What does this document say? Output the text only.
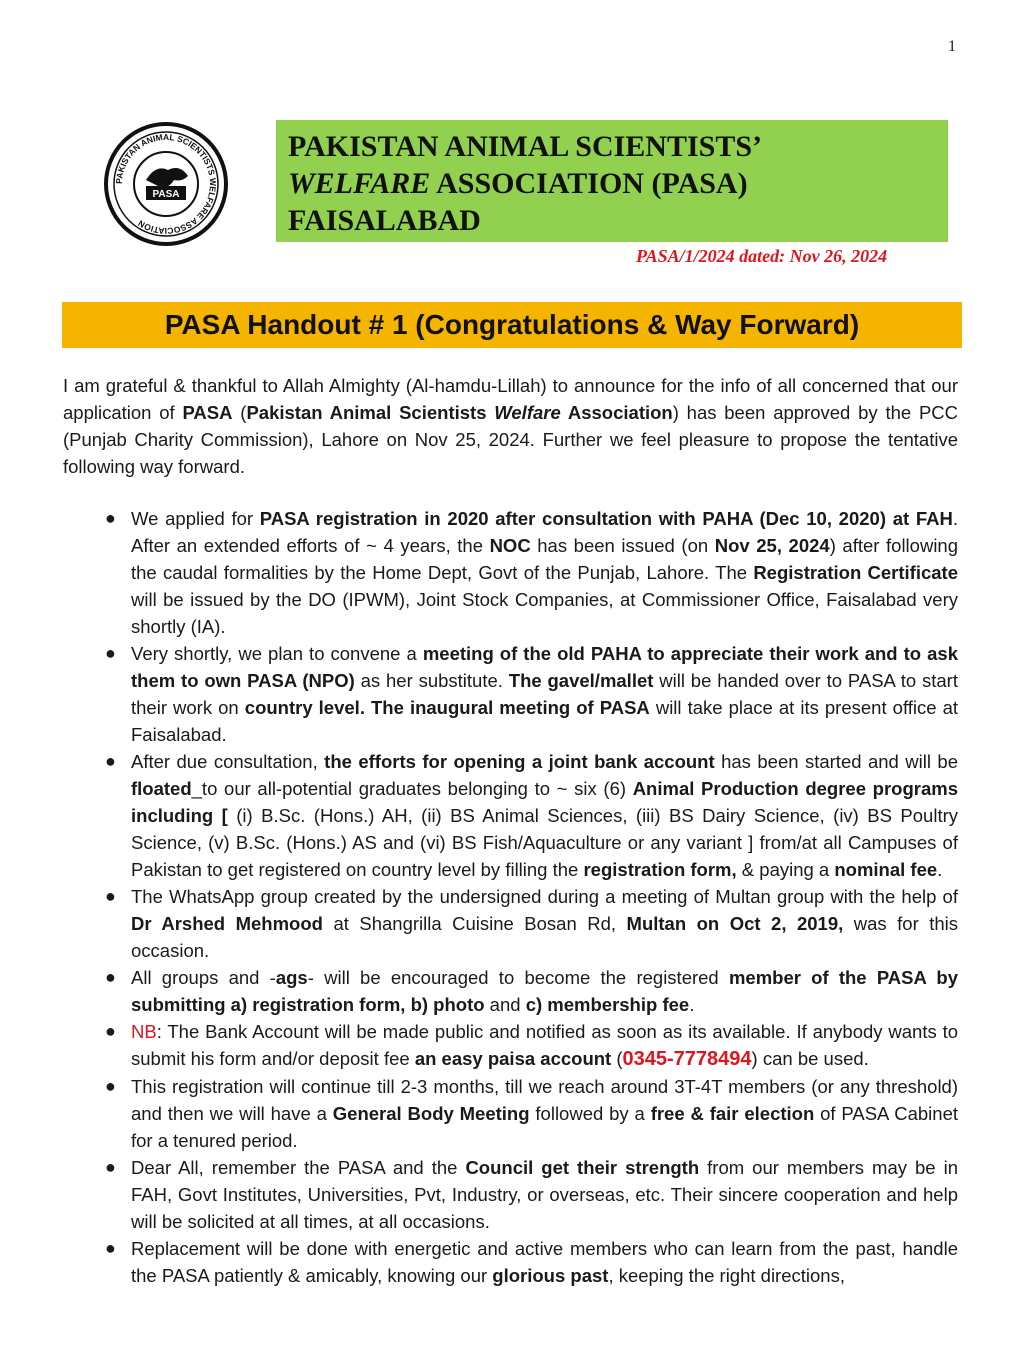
1
PAKISTAN ANIMAL SCIENTISTS WELFARE ASSOCIATION
PASA
PAKISTAN ANIMAL SCIENTISTS’
WELFARE ASSOCIATION (PASA)
FAISALABAD
PASA/1/2024 dated: Nov 26, 2024
PASA Handout # 1 (Congratulations & Way Forward)

I am grateful & thankful to Allah Almighty (Al-hamdu-Lillah) to announce for the info of all concerned that our application of PASA (Pakistan Animal Scientists Welfare Association) has been approved by the PCC (Punjab Charity Commission), Lahore on Nov 25, 2024. Further we feel pleasure to propose the tentative following way forward.

● We applied for PASA registration in 2020 after consultation with PAHA (Dec 10, 2020) at FAH. After an extended efforts of ~ 4 years, the NOC has been issued (on Nov 25, 2024) after following the caudal formalities by the Home Dept, Govt of the Punjab, Lahore. The Registration Certificate will be issued by the DO (IPWM), Joint Stock Companies, at Commissioner Office, Faisalabad very shortly (IA).
● Very shortly, we plan to convene a meeting of the old PAHA to appreciate their work and to ask them to own PASA (NPO) as her substitute. The gavel/mallet will be handed over to PASA to start their work on country level. The inaugural meeting of PASA will take place at its present office at Faisalabad.
● After due consultation, the efforts for opening a joint bank account has been started and will be floated_to our all-potential graduates belonging to ~ six (6) Animal Production degree programs including [ (i) B.Sc. (Hons.) AH, (ii) BS Animal Sciences, (iii) BS Dairy Science, (iv) BS Poultry Science, (v) B.Sc. (Hons.) AS and (vi) BS Fish/Aquaculture or any variant ] from/at all Campuses of Pakistan to get registered on country level by filling the registration form, & paying a nominal fee.
● The WhatsApp group created by the undersigned during a meeting of Multan group with the help of Dr Arshed Mehmood at Shangrilla Cuisine Bosan Rd, Multan on Oct 2, 2019, was for this occasion.
● All groups and -ags- will be encouraged to become the registered member of the PASA by submitting a) registration form, b) photo and c) membership fee.
● NB: The Bank Account will be made public and notified as soon as its available. If anybody wants to submit his form and/or deposit fee an easy paisa account (0345-7778494) can be used.
● This registration will continue till 2-3 months, till we reach around 3T-4T members (or any threshold) and then we will have a General Body Meeting followed by a free & fair election of PASA Cabinet for a tenured period.
● Dear All, remember the PASA and the Council get their strength from our members may be in FAH, Govt Institutes, Universities, Pvt, Industry, or overseas, etc. Their sincere cooperation and help will be solicited at all times, at all occasions.
● Replacement will be done with energetic and active members who can learn from the past, handle the PASA patiently & amicably, knowing our glorious past, keeping the right directions,
